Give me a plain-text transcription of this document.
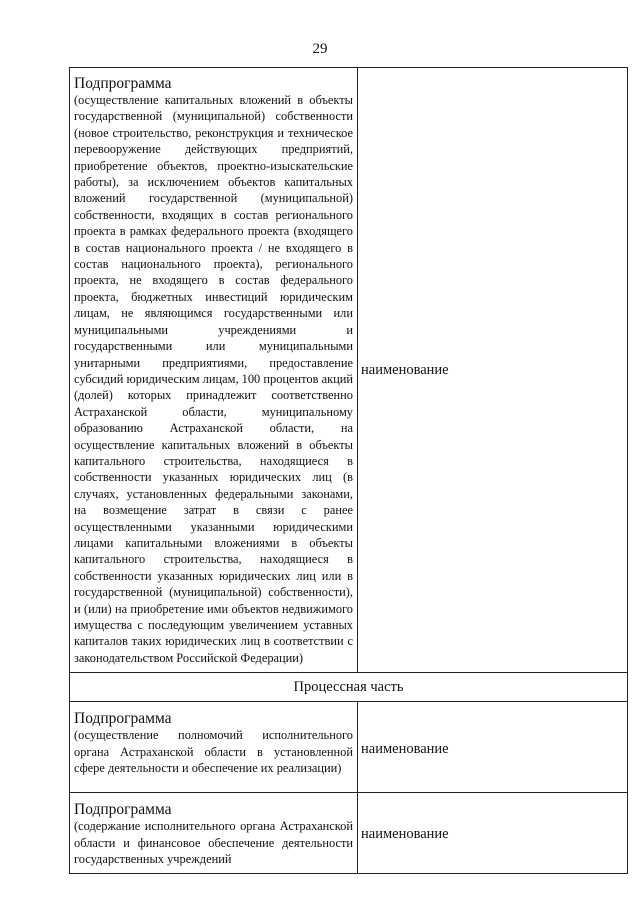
29
Подпрограмма
(осуществление капитальных вложений в объекты государственной (муниципальной) собственности (новое строительство, реконструкция и техническое перевооружение действующих предприятий, приобретение объектов, проектно-изыскательские работы), за исключением объектов капитальных вложений государственной (муниципальной) собственности, входящих в состав регионального проекта в рамках федерального проекта (входящего в состав национального проекта / не входящего в состав национального проекта), регионального проекта, не входящего в состав федерального проекта, бюджетных инвестиций юридическим лицам, не являющимся государственными или муниципальными учреждениями и государственными или муниципальными унитарными предприятиями, предоставление субсидий юридическим лицам, 100 процентов акций (долей) которых принадлежит соответственно Астраханской области, муниципальному образованию Астраханской области, на осуществление капитальных вложений в объекты капитального строительства, находящиеся в собственности указанных юридических лиц (в случаях, установленных федеральными законами, на возмещение затрат в связи с ранее осуществленными указанными юридическими лицами капитальными вложениями в объекты капитального строительства, находящиеся в собственности указанных юридических лиц или в государственной (муниципальной) собственности), и (или) на приобретение ими объектов недвижимого имущества с последующим увеличением уставных капиталов таких юридических лиц в соответствии с законодательством Российской Федерации)	наименование
Процессная часть	

Подпрограмма
(осуществление полномочий исполнительного органа Астраханской области в установленной сфере деятельности и обеспечение их реализации)	наименование

Подпрограмма
(содержание исполнительного органа Астраханской области и финансовое обеспечение деятельности государственных учреждений	наименование
